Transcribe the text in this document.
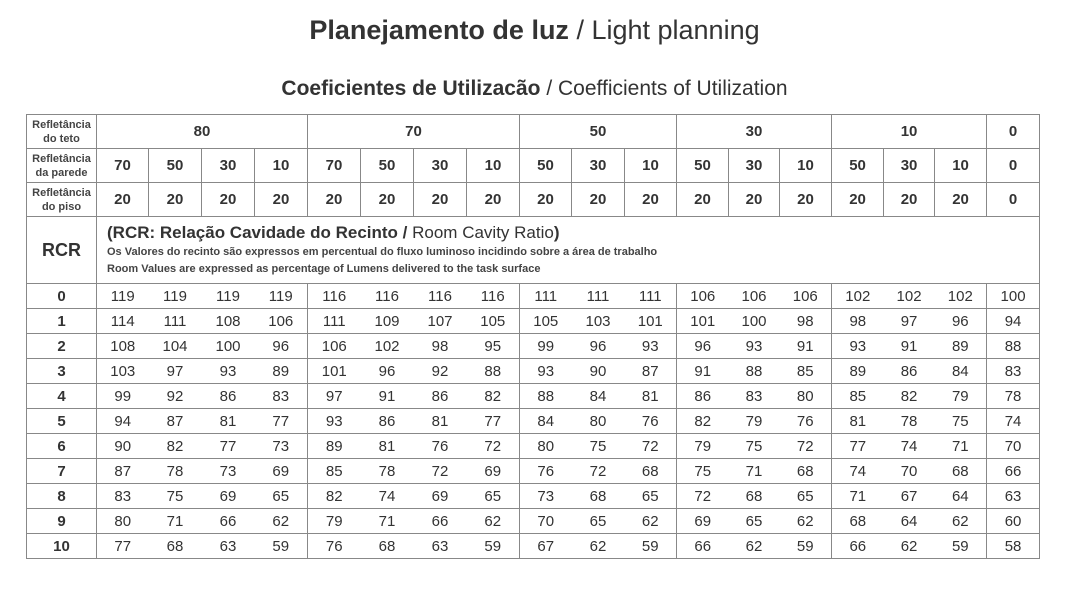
Planejamento de luz / Light planning
Coeficientes de Utilizacão / Coefficients of Utilization
Refletância
do teto	80				70				50			30			10			0
Refletância
da parede	70	50	30	10	70	50	30	10	50	30	10	50	30	10	50	30	10	0
Refletância
do piso	20	20	20	20	20	20	20	20	20	20	20	20	20	20	20	20	20	0
RCR	(RCR: Relação Cavidade do Recinto / Room Cavity Ratio)
Os Valores do recinto são expressos em percentual do fluxo luminoso incidindo sobre a área de trabalho
Room Values are expressed as percentage of Lumens delivered to the task surface																	

0	119	119	119	119	116	116	116	116	111	111	111	106	106	106	102	102	102	100
1	114	111	108	106	111	109	107	105	105	103	101	101	100	98	98	97	96	94
2	108	104	100	96	106	102	98	95	99	96	93	96	93	91	93	91	89	88
3	103	97	93	89	101	96	92	88	93	90	87	91	88	85	89	86	84	83
4	99	92	86	83	97	91	86	82	88	84	81	86	83	80	85	82	79	78
5	94	87	81	77	93	86	81	77	84	80	76	82	79	76	81	78	75	74
6	90	82	77	73	89	81	76	72	80	75	72	79	75	72	77	74	71	70
7	87	78	73	69	85	78	72	69	76	72	68	75	71	68	74	70	68	66
8	83	75	69	65	82	74	69	65	73	68	65	72	68	65	71	67	64	63
9	80	71	66	62	79	71	66	62	70	65	62	69	65	62	68	64	62	60
10	77	68	63	59	76	68	63	59	67	62	59	66	62	59	66	62	59	58
